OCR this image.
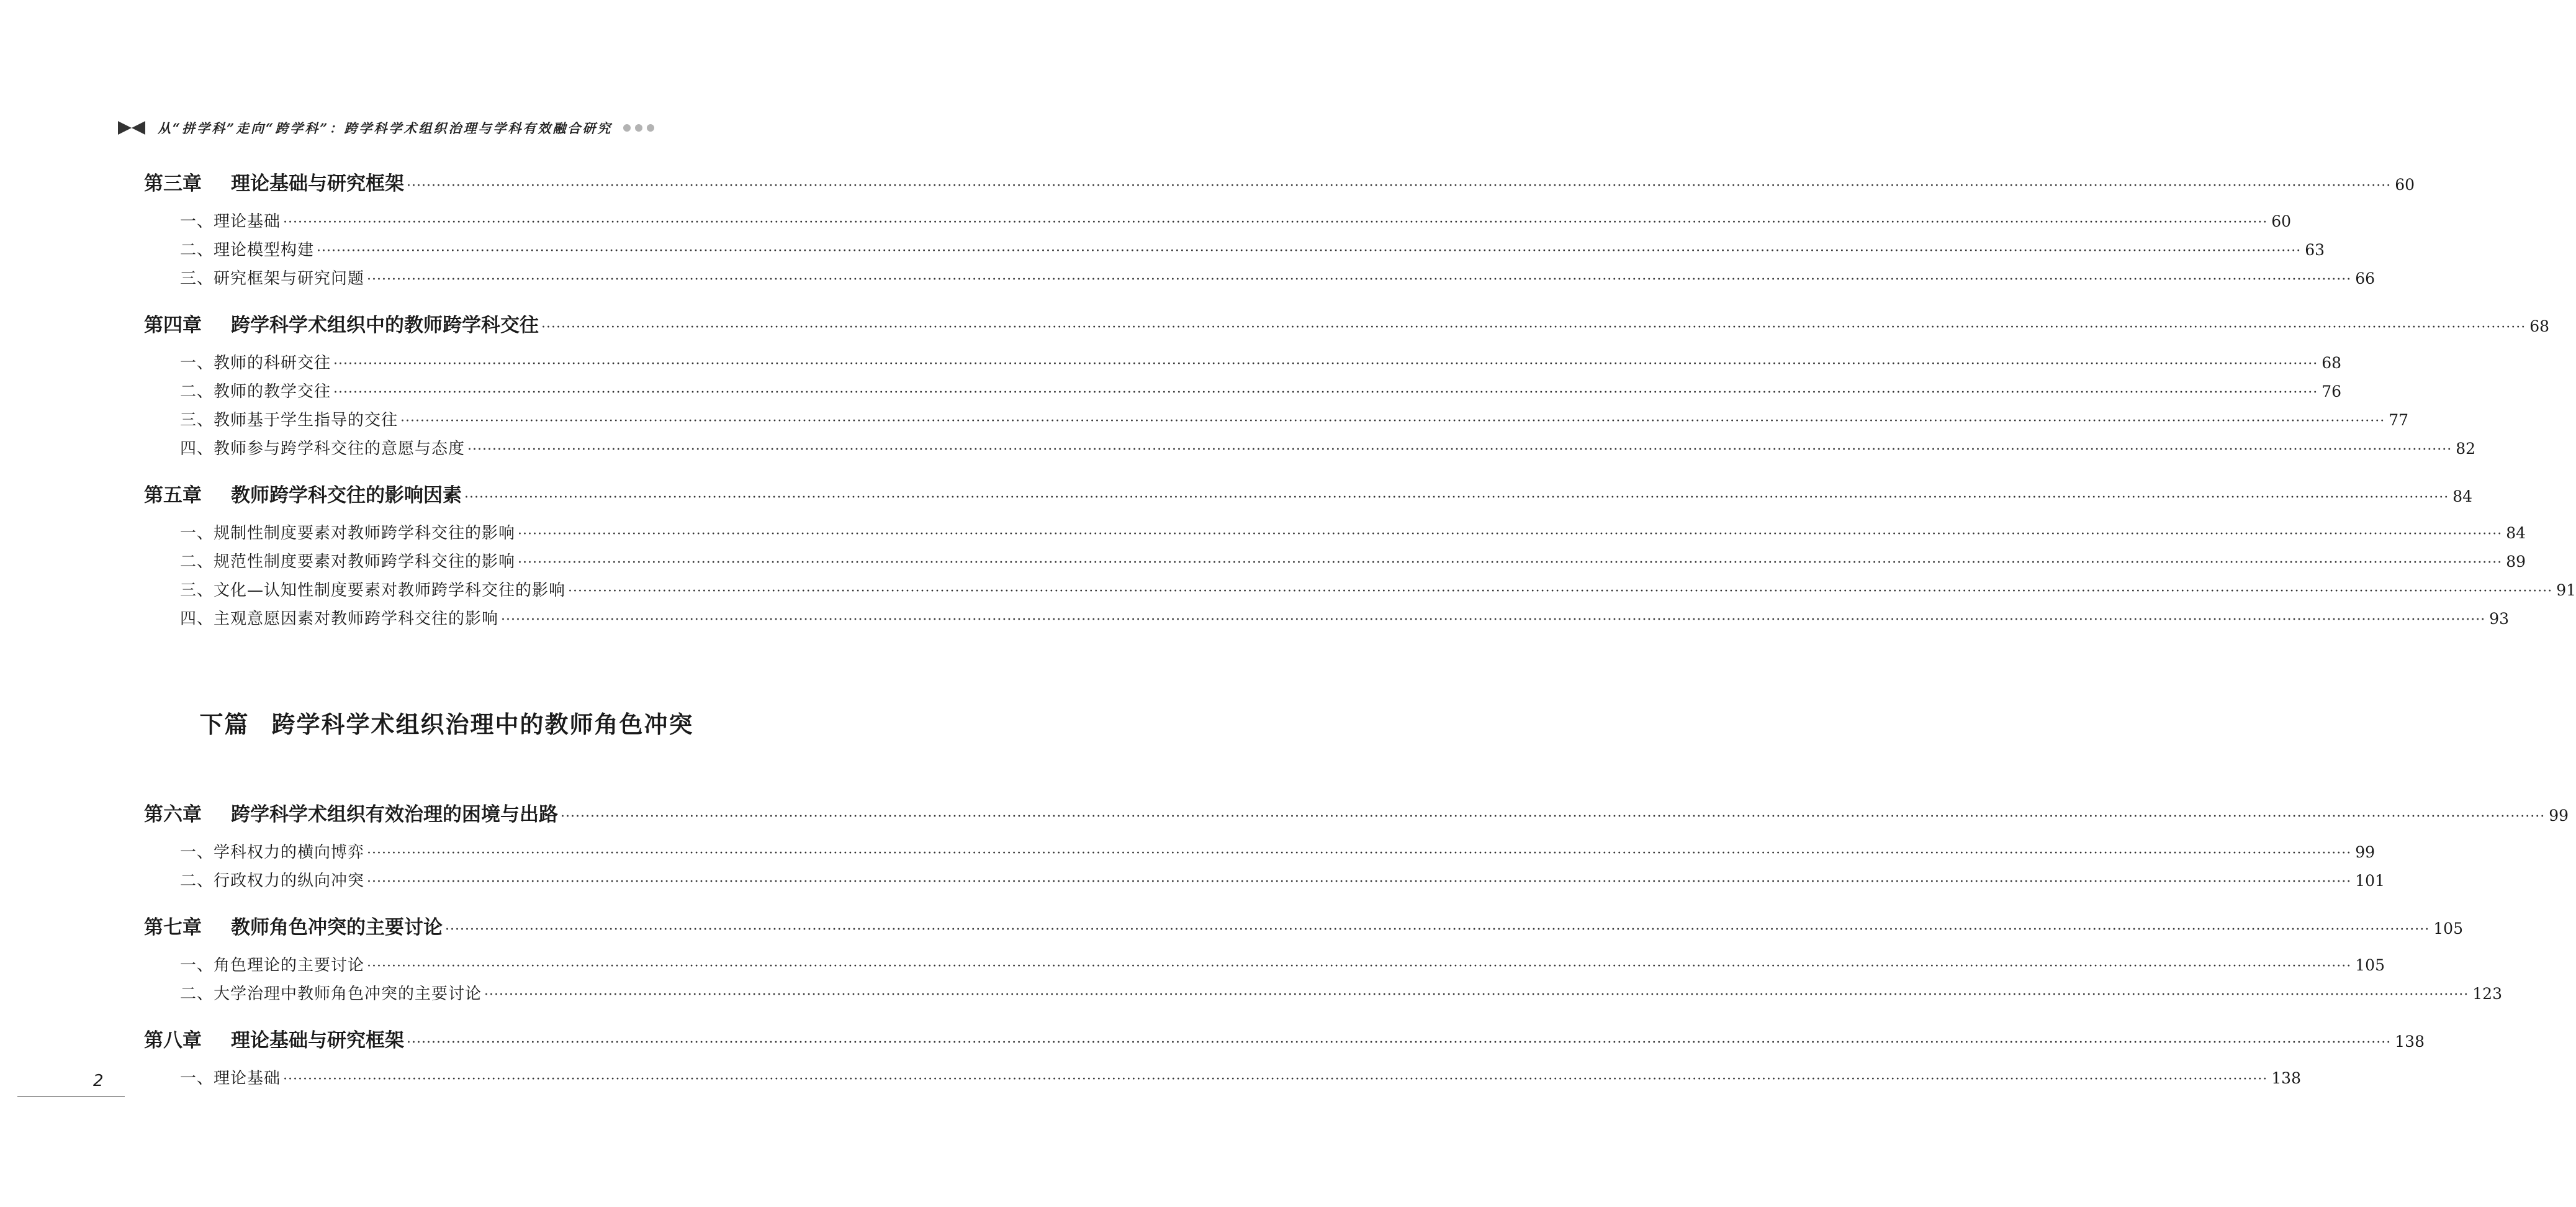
从“拼学科”走向“跨学科”：跨学科学术组织治理与学科有效融合研究
第三章	理论基础与研究框架 ················································································································································································································································································································································································································ 60
一、理论基础 ················································································································································································································································································································································································································ 60
二、理论模型构建 ················································································································································································································································································································································································································ 63
三、研究框架与研究问题 ················································································································································································································································································································································································································ 66
第四章	跨学科学术组织中的教师跨学科交往 ················································································································································································································································································································································································································ 68
一、教师的科研交往 ················································································································································································································································································································································································································ 68
二、教师的教学交往 ················································································································································································································································································································································································································ 76
三、教师基于学生指导的交往 ················································································································································································································································································································································································································ 77
四、教师参与跨学科交往的意愿与态度 ················································································································································································································································································································································································································ 82
第五章	教师跨学科交往的影响因素 ················································································································································································································································································································································································································ 84
一、规制性制度要素对教师跨学科交往的影响 ················································································································································································································································································································································································································ 84
二、规范性制度要素对教师跨学科交往的影响 ················································································································································································································································································································································································································ 89
三、文化—认知性制度要素对教师跨学科交往的影响 ················································································································································································································································································································································································································ 91
四、主观意愿因素对教师跨学科交往的影响 ················································································································································································································································································································································································································ 93
下篇 跨学科学术组织治理中的教师角色冲突
第六章	跨学科学术组织有效治理的困境与出路 ················································································································································································································································································································································································································ 99
一、学科权力的横向博弈 ················································································································································································································································································································································································································ 99
二、行政权力的纵向冲突 ················································································································································································································································································································································································································ 101
第七章	教师角色冲突的主要讨论 ················································································································································································································································································································································································································ 105
一、角色理论的主要讨论 ················································································································································································································································································································································································································ 105
二、大学治理中教师角色冲突的主要讨论 ················································································································································································································································································································································································································ 123
第八章	理论基础与研究框架 ················································································································································································································································································································································································································ 138
一、理论基础 ················································································································································································································································································································································································································ 138
2
